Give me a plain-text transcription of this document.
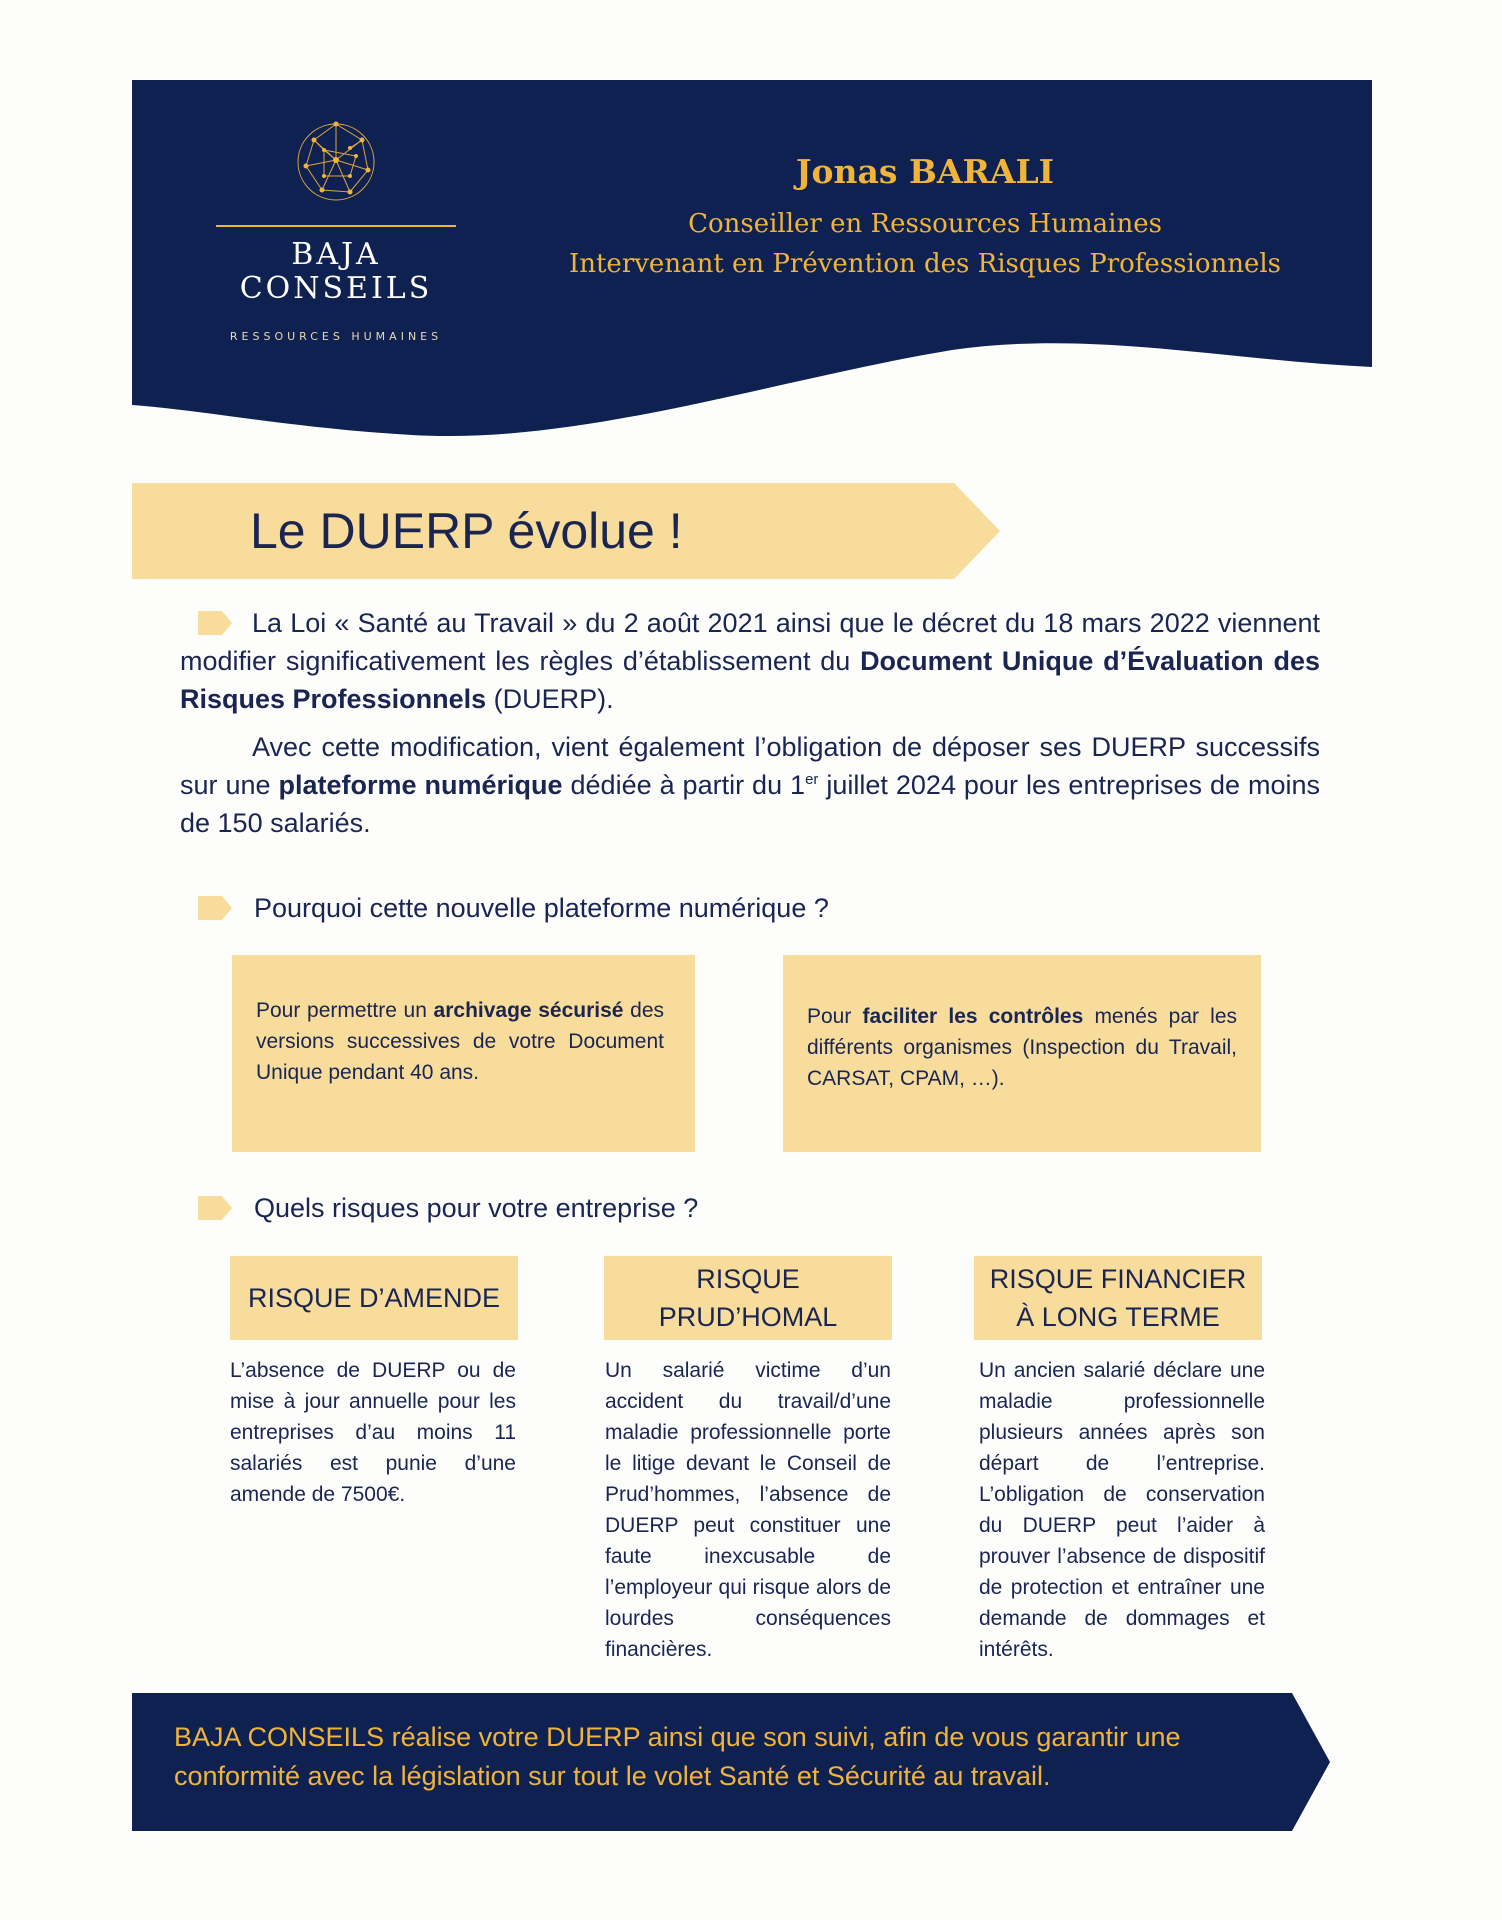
BAJA
CONSEILS
RESSOURCES HUMAINES
Jonas BARALI
Conseiller en Ressources Humaines
Intervenant en Prévention des Risques Professionnels
Le DUERP évolue !
La Loi « Santé au Travail » du 2 août 2021 ainsi que le décret du 18 mars 2022 viennent modifier significativement les règles d’établissement du Document Unique d’Évaluation des Risques Professionnels (DUERP).
Avec cette modification, vient également l’obligation de déposer ses DUERP successifs sur une plateforme numérique dédiée à partir du 1er juillet 2024 pour les entreprises de moins de 150 salariés.
Pourquoi cette nouvelle plateforme numérique ?
Pour permettre un archivage sécurisé des versions successives de votre Document Unique pendant 40 ans.
Pour faciliter les contrôles menés par les différents organismes (Inspection du Travail, CARSAT, CPAM, …).
Quels risques pour votre entreprise ?
RISQUE D’AMENDE
L’absence de DUERP ou de mise à jour annuelle pour les entreprises d’au moins 11 salariés est punie d’une amende de 7500€.
RISQUE
PRUD’HOMAL
Un salarié victime d’un accident du travail/d’une maladie professionnelle porte le litige devant le Conseil de Prud’hommes, l’absence de DUERP peut constituer une faute inexcusable de l’employeur qui risque alors de lourdes conséquences financières.
RISQUE FINANCIER
À LONG TERME
Un ancien salarié déclare une maladie professionnelle plusieurs années après son départ de l’entreprise. L’obligation de conservation du DUERP peut l’aider à prouver l’absence de dispositif de protection et entraîner une demande de dommages et intérêts.
BAJA CONSEILS réalise votre DUERP ainsi que son suivi, afin de vous garantir une conformité avec la législation sur tout le volet Santé et Sécurité au travail.
